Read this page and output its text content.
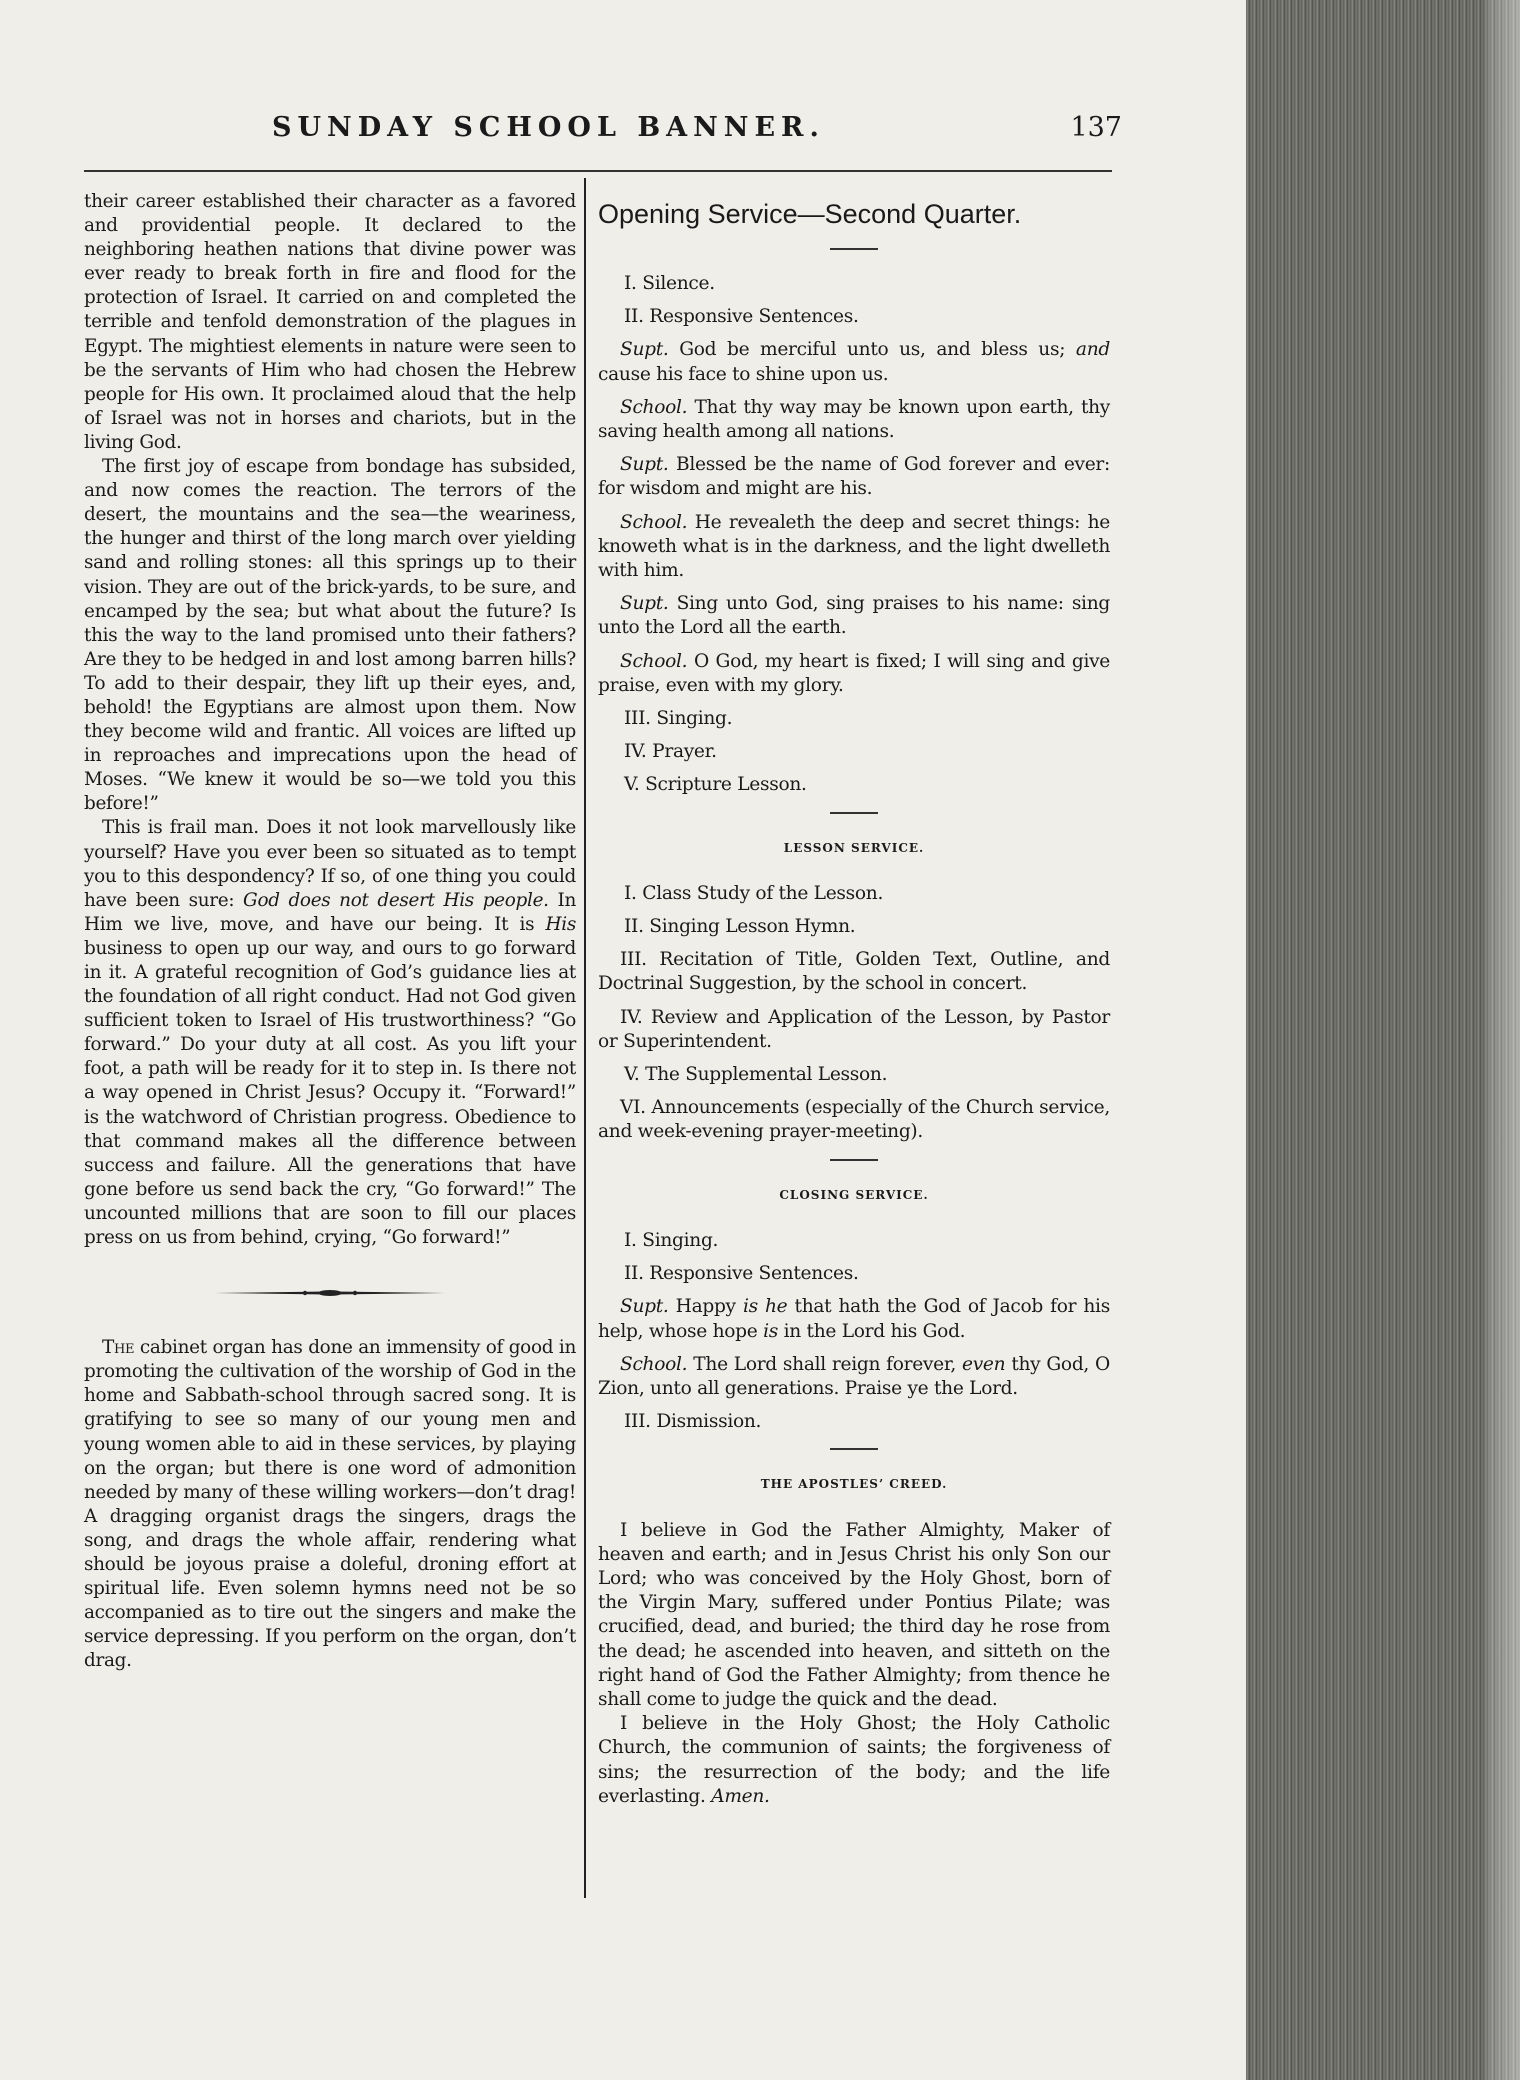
SUNDAY SCHOOL BANNER.	137

their career established their character as a favored and providential people. It declared to the neighboring heathen nations that divine power was ever ready to break forth in fire and flood for the protection of Israel. It carried on and completed the terrible and tenfold demonstration of the plagues in Egypt. The mightiest elements in nature were seen to be the servants of Him who had chosen the Hebrew people for His own. It proclaimed aloud that the help of Israel was not in horses and chariots, but in the living God.

The first joy of escape from bondage has subsided, and now comes the reaction. The terrors of the desert, the mountains and the sea—the weariness, the hunger and thirst of the long march over yielding sand and rolling stones: all this springs up to their vision. They are out of the brick-yards, to be sure, and encamped by the sea; but what about the future? Is this the way to the land promised unto their fathers? Are they to be hedged in and lost among barren hills? To add to their despair, they lift up their eyes, and, behold! the Egyptians are almost upon them. Now they become wild and frantic. All voices are lifted up in reproaches and imprecations upon the head of Moses. “We knew it would be so—we told you this before!”

This is frail man. Does it not look marvellously like yourself? Have you ever been so situated as to tempt you to this despondency? If so, of one thing you could have been sure: God does not desert His people. In Him we live, move, and have our being. It is His business to open up our way, and ours to go forward in it. A grateful recognition of God’s guidance lies at the foundation of all right conduct. Had not God given sufficient token to Israel of His trustworthiness? “Go forward.” Do your duty at all cost. As you lift your foot, a path will be ready for it to step in. Is there not a way opened in Christ Jesus? Occupy it. “Forward!” is the watchword of Christian progress. Obedience to that command makes all the difference between success and failure. All the generations that have gone before us send back the cry, “Go forward!” The uncounted millions that are soon to fill our places press on us from behind, crying, “Go forward!”

The cabinet organ has done an immensity of good in promoting the cultivation of the worship of God in the home and Sabbath-school through sacred song. It is gratifying to see so many of our young men and young women able to aid in these services, by playing on the organ; but there is one word of admonition needed by many of these willing workers—don’t drag! A dragging organist drags the singers, drags the song, and drags the whole affair, rendering what should be joyous praise a doleful, droning effort at spiritual life. Even solemn hymns need not be so accompanied as to tire out the singers and make the service depressing. If you perform on the organ, don’t drag.

Opening Service—Second Quarter.
I. Silence.
II. Responsive Sentences.
Supt. God be merciful unto us, and bless us; and cause his face to shine upon us.
School. That thy way may be known upon earth, thy saving health among all nations.
Supt. Blessed be the name of God forever and ever: for wisdom and might are his.
School. He revealeth the deep and secret things: he knoweth what is in the darkness, and the light dwelleth with him.
Supt. Sing unto God, sing praises to his name: sing unto the Lord all the earth.
School. O God, my heart is fixed; I will sing and give praise, even with my glory.
III. Singing.
IV. Prayer.
V. Scripture Lesson.
LESSON SERVICE.
I. Class Study of the Lesson.
II. Singing Lesson Hymn.
III. Recitation of Title, Golden Text, Outline, and Doctrinal Suggestion, by the school in concert.
IV. Review and Application of the Lesson, by Pastor or Superintendent.
V. The Supplemental Lesson.
VI. Announcements (especially of the Church service, and week-evening prayer-meeting).
CLOSING SERVICE.
I. Singing.
II. Responsive Sentences.
Supt. Happy is he that hath the God of Jacob for his help, whose hope is in the Lord his God.
School. The Lord shall reign forever, even thy God, O Zion, unto all generations. Praise ye the Lord.
III. Dismission.
THE APOSTLES’ CREED.

I believe in God the Father Almighty, Maker of heaven and earth; and in Jesus Christ his only Son our Lord; who was conceived by the Holy Ghost, born of the Virgin Mary, suffered under Pontius Pilate; was crucified, dead, and buried; the third day he rose from the dead; he ascended into heaven, and sitteth on the right hand of God the Father Almighty; from thence he shall come to judge the quick and the dead.

I believe in the Holy Ghost; the Holy Catholic Church, the communion of saints; the forgiveness of sins; the resurrection of the body; and the life everlasting. Amen.
